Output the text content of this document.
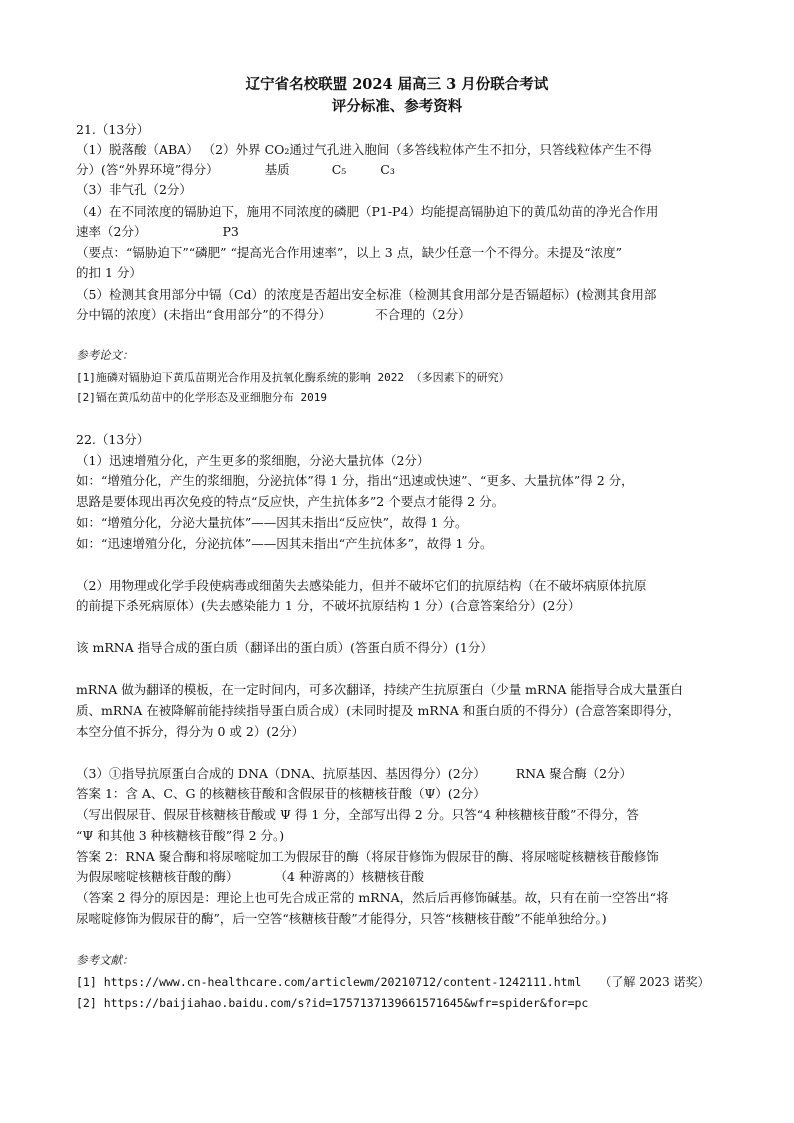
辽宁省名校联盟 2024 届高三 3 月份联合考试
评分标准、参考资料
21.（13分）
（1）脱落酸（ABA） （2）外界 CO₂通过气孔进入胞间（多答线粒体产生不扣分，只答线粒体产生不得
分）(答“外界环境”得分）	基质	C₅	C₃
（3）非气孔（2分）
（4）在不同浓度的镉胁迫下，施用不同浓度的磷肥（P1-P4）均能提高镉胁迫下的黄瓜幼苗的净光合作用
速率（2分）	P3
（要点：“镉胁迫下”“磷肥” “提高光合作用速率”，以上 3 点，缺少任意一个不得分。未提及“浓度”
的扣 1 分）
（5）检测其食用部分中镉（Cd）的浓度是否超出安全标准（检测其食用部分是否镉超标）(检测其食用部
分中镉的浓度）(未指出“食用部分”的不得分）	不合理的（2分）
参考论文：
[1]施磷对镉胁迫下黄瓜苗期光合作用及抗氧化酶系统的影响 2022 （多因素下的研究）
[2]镉在黄瓜幼苗中的化学形态及亚细胞分布 2019
22.（13分）
（1）迅速增殖分化，产生更多的浆细胞，分泌大量抗体（2分）
如：“增殖分化，产生的浆细胞，分泌抗体”得 1 分，指出“迅速或快速”、“更多、大量抗体”得 2 分，
思路是要体现出再次免疫的特点“反应快，产生抗体多”2 个要点才能得 2 分。
如：“增殖分化，分泌大量抗体”——因其未指出“反应快”，故得 1 分。
如：“迅速增殖分化，分泌抗体”——因其未指出“产生抗体多”，故得 1 分。
（2）用物理或化学手段使病毒或细菌失去感染能力，但并不破坏它们的抗原结构（在不破坏病原体抗原
的前提下杀死病原体）(失去感染能力 1 分，不破坏抗原结构 1 分）(合意答案给分）(2分）
该 mRNA 指导合成的蛋白质（翻译出的蛋白质）(答蛋白质不得分）(1分）
mRNA 做为翻译的模板，在一定时间内，可多次翻译，持续产生抗原蛋白（少量 mRNA 能指导合成大量蛋白
质、mRNA 在被降解前能持续指导蛋白质合成）(未同时提及 mRNA 和蛋白质的不得分）(合意答案即得分，
本空分值不拆分，得分为 0 或 2）(2分）
（3）①指导抗原蛋白合成的 DNA（DNA、抗原基因、基因得分）(2分） RNA 聚合酶（2分）
答案 1：含 A、C、G 的核糖核苷酸和含假尿苷的核糖核苷酸（Ψ）(2分）
（写出假尿苷、假尿苷核糖核苷酸或 Ψ 得 1 分，全部写出得 2 分。只答“4 种核糖核苷酸”不得分，答
“Ψ 和其他 3 种核糖核苷酸”得 2 分。)
答案 2：RNA 聚合酶和将尿嘧啶加工为假尿苷的酶（将尿苷修饰为假尿苷的酶、将尿嘧啶核糖核苷酸修饰
为假尿嘧啶核糖核苷酸的酶）	（4 种游离的）核糖核苷酸
（答案 2 得分的原因是：理论上也可先合成正常的 mRNA，然后后再修饰碱基。故，只有在前一空答出“将
尿嘧啶修饰为假尿苷的酶”，后一空答“核糖核苷酸”才能得分，只答“核糖核苷酸”不能单独给分。)
参考文献：
[1] https://www.cn-healthcare.com/articlewm/20210712/content-1242111.html （了解 2023 诺奖）
[2] https://baijiahao.baidu.com/s?id=1757137139661571645&wfr=spider&for=pc
